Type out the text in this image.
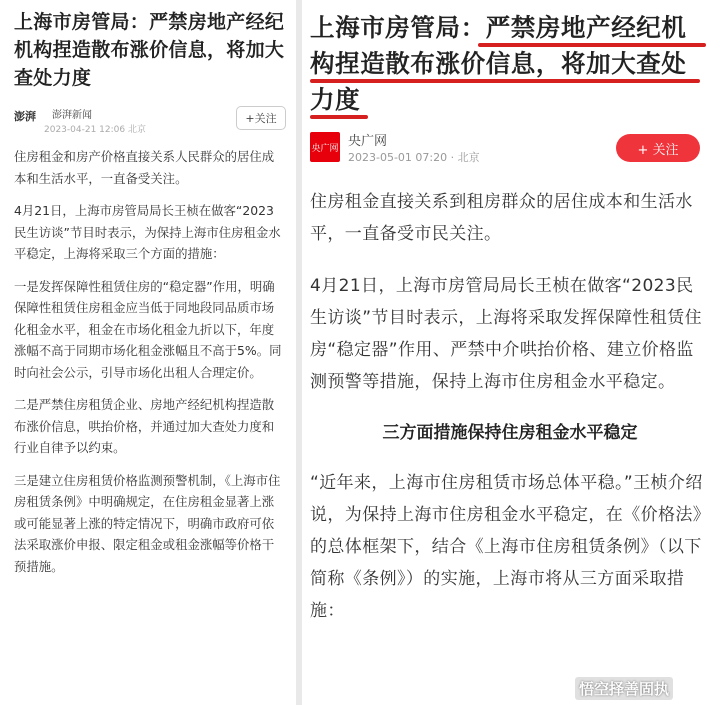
上海市房管局：严禁房地产经纪机构捏造散布涨价信息，将加大查处力度
澎湃 澎湃新闻
2023-04-21 12:06 北京
+关注

住房租金和房产价格直接关系人民群众的居住成本和生活水平，一直备受关注。

4月21日，上海市房管局局长王桢在做客“2023民生访谈”节目时表示，为保持上海市住房租金水平稳定，上海将采取三个方面的措施：

一是发挥保障性租赁住房的“稳定器”作用，明确保障性租赁住房租金应当低于同地段同品质市场化租金水平，租金在市场化租金九折以下，年度涨幅不高于同期市场化租金涨幅且不高于5%。同时向社会公示，引导市场化出租人合理定价。

二是严禁住房租赁企业、房地产经纪机构捏造散布涨价信息，哄抬价格，并通过加大查处力度和行业自律予以约束。

三是建立住房租赁价格监测预警机制，《上海市住房租赁条例》中明确规定，在住房租金显著上涨或可能显著上涨的特定情况下，明确市政府可依法采取涨价申报、限定租金或租金涨幅等价格干预措施。

上海市房管局：严禁房地产经纪机
构捏造散布涨价信息，将加大查处
力度
央广网 央广网
2023-05-01 07:20 · 北京	+ 关注

住房租金直接关系到租房群众的居住成本和生活水平，一直备受市民关注。

4月21日，上海市房管局局长王桢在做客“2023民生访谈”节目时表示，上海将采取发挥保障性租赁住房“稳定器”作用、严禁中介哄抬价格、建立价格监测预警等措施，保持上海市住房租金水平稳定。

三方面措施保持住房租金水平稳定

“近年来，上海市住房租赁市场总体平稳。”王桢介绍说，为保持上海市住房租金水平稳定，在《价格法》的总体框架下，结合《上海市住房租赁条例》（以下简称《条例》）的实施，上海市将从三方面采取措施：

悟空择善固执
